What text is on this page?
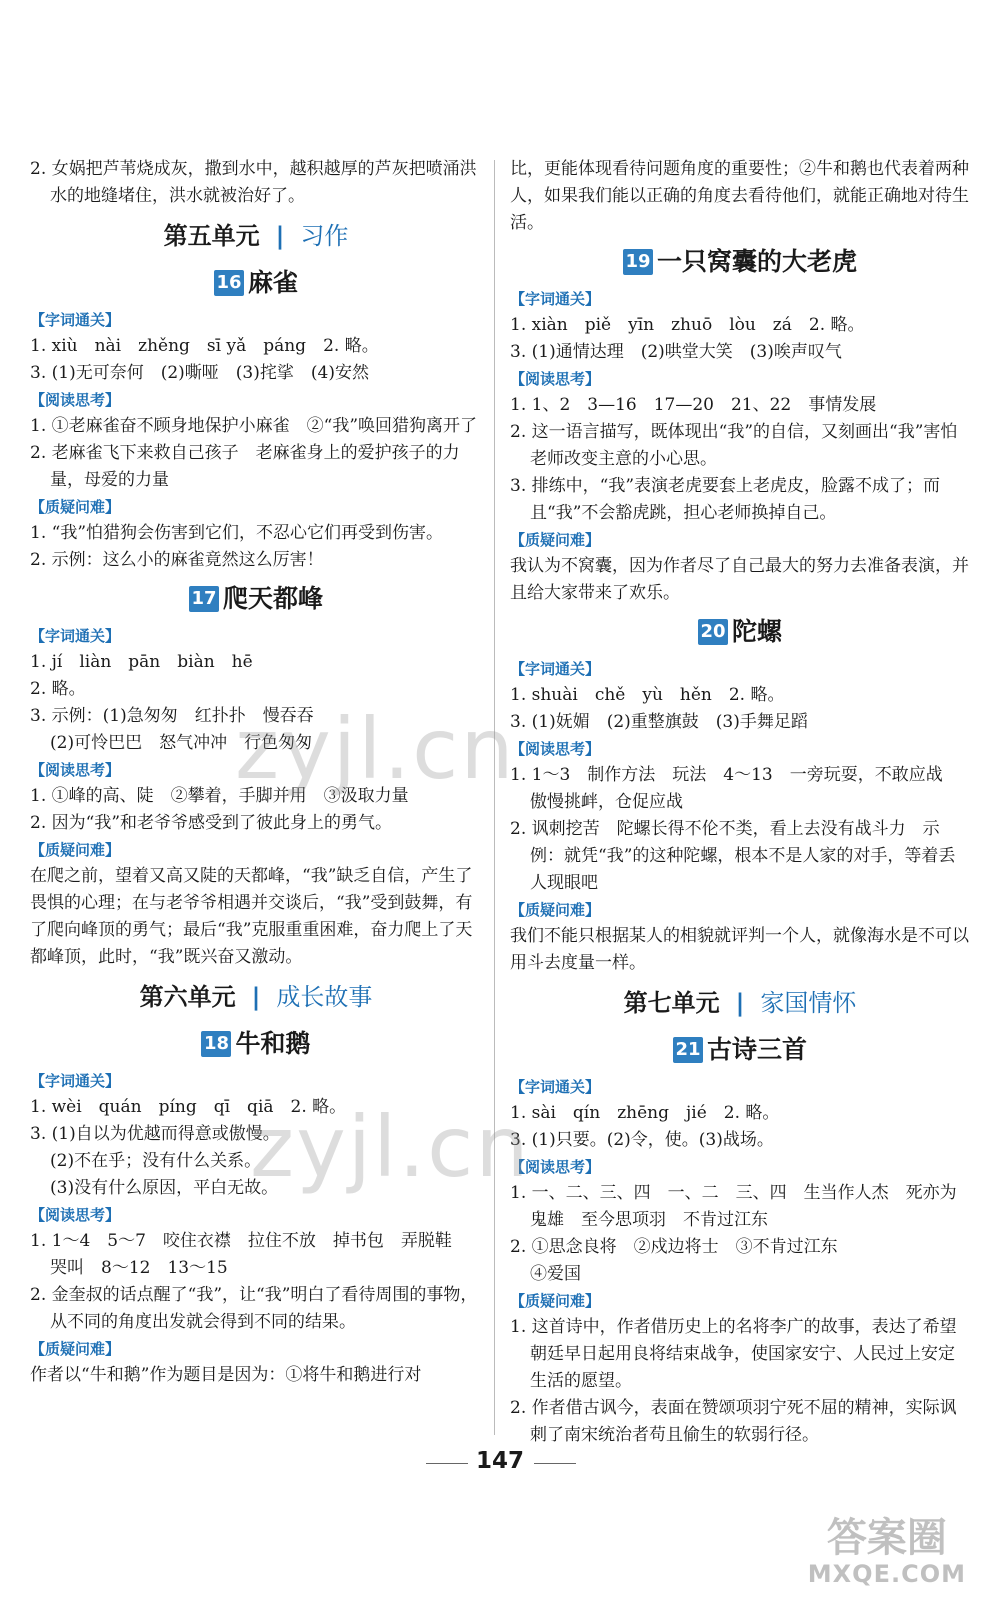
2. 女娲把芦苇烧成灰，撒到水中，越积越厚的芦灰把喷涌洪水的地缝堵住，洪水就被治好了。

第五单元 | 习作
16 麻雀
【字词通关】

1. xiù　nài　zhěng　sī yǎ　páng　2. 略。

3. (1)无可奈何　(2)嘶哑　(3)挓挲　(4)安然

【阅读思考】

1. ①老麻雀奋不顾身地保护小麻雀　②“我”唤回猎狗离开了

2. 老麻雀飞下来救自己孩子　老麻雀身上的爱护孩子的力量，母爱的力量

【质疑问难】

1. “我”怕猎狗会伤害到它们，不忍心它们再受到伤害。

2. 示例：这么小的麻雀竟然这么厉害！

17 爬天都峰
【字词通关】

1. jí　liàn　pān　biàn　hē

2. 略。

3. 示例：(1)急匆匆　红扑扑　慢吞吞

(2)可怜巴巴　怒气冲冲　行色匆匆

【阅读思考】

1. ①峰的高、陡　②攀着，手脚并用　③汲取力量

2. 因为“我”和老爷爷感受到了彼此身上的勇气。

【质疑问难】

在爬之前，望着又高又陡的天都峰，“我”缺乏自信，产生了畏惧的心理；在与老爷爷相遇并交谈后，“我”受到鼓舞，有了爬向峰顶的勇气；最后“我”克服重重困难，奋力爬上了天都峰顶，此时，“我”既兴奋又激动。

第六单元 | 成长故事
18 牛和鹅
【字词通关】

1. wèi　quán　píng　qī　qiā　2. 略。

3. (1)自以为优越而得意或傲慢。

(2)不在乎；没有什么关系。

(3)没有什么原因，平白无故。

【阅读思考】

1. 1～4　5～7　咬住衣襟　拉住不放　掉书包　弄脱鞋　哭叫　8～12　13～15

2. 金奎叔的话点醒了“我”，让“我”明白了看待周围的事物，从不同的角度出发就会得到不同的结果。

【质疑问难】

作者以“牛和鹅”作为题目是因为：①将牛和鹅进行对

比，更能体现看待问题角度的重要性；②牛和鹅也代表着两种人，如果我们能以正确的角度去看待他们，就能正确地对待生活。

19 一只窝囊的大老虎
【字词通关】

1. xiàn　piě　yīn　zhuō　lòu　zá　2. 略。

3. (1)通情达理　(2)哄堂大笑　(3)唉声叹气

【阅读思考】

1. 1、2　3—16　17—20　21、22　事情发展

2. 这一语言描写，既体现出“我”的自信，又刻画出“我”害怕老师改变主意的小心思。

3. 排练中，“我”表演老虎要套上老虎皮，脸露不成了；而且“我”不会豁虎跳，担心老师换掉自己。

【质疑问难】

我认为不窝囊，因为作者尽了自己最大的努力去准备表演，并且给大家带来了欢乐。

20 陀螺
【字词通关】

1. shuài　chě　yù　hěn　2. 略。

3. (1)妩媚　(2)重整旗鼓　(3)手舞足蹈

【阅读思考】

1. 1～3　制作方法　玩法　4～13　一旁玩耍，不敢应战　傲慢挑衅，仓促应战

2. 讽刺挖苦　陀螺长得不伦不类，看上去没有战斗力　示例：就凭“我”的这种陀螺，根本不是人家的对手，等着丢人现眼吧

【质疑问难】

我们不能只根据某人的相貌就评判一个人，就像海水是不可以用斗去度量一样。

第七单元 | 家国情怀
21 古诗三首
【字词通关】

1. sài　qín　zhēng　jié　2. 略。

3. (1)只要。(2)令，使。(3)战场。

【阅读思考】

1. 一、二、三、四　一、二　三、四　生当作人杰　死亦为鬼雄　至今思项羽　不肯过江东

2. ①思念良将　②戍边将士　③不肯过江东

④爱国

【质疑问难】

1. 这首诗中，作者借历史上的名将李广的故事，表达了希望朝廷早日起用良将结束战争，使国家安宁、人民过上安定生活的愿望。

2. 作者借古讽今，表面在赞颂项羽宁死不屈的精神，实际讽刺了南宋统治者苟且偷生的软弱行径。

zyjl.cn
zyjl.cn
147
答案圈
MXQE.COM
